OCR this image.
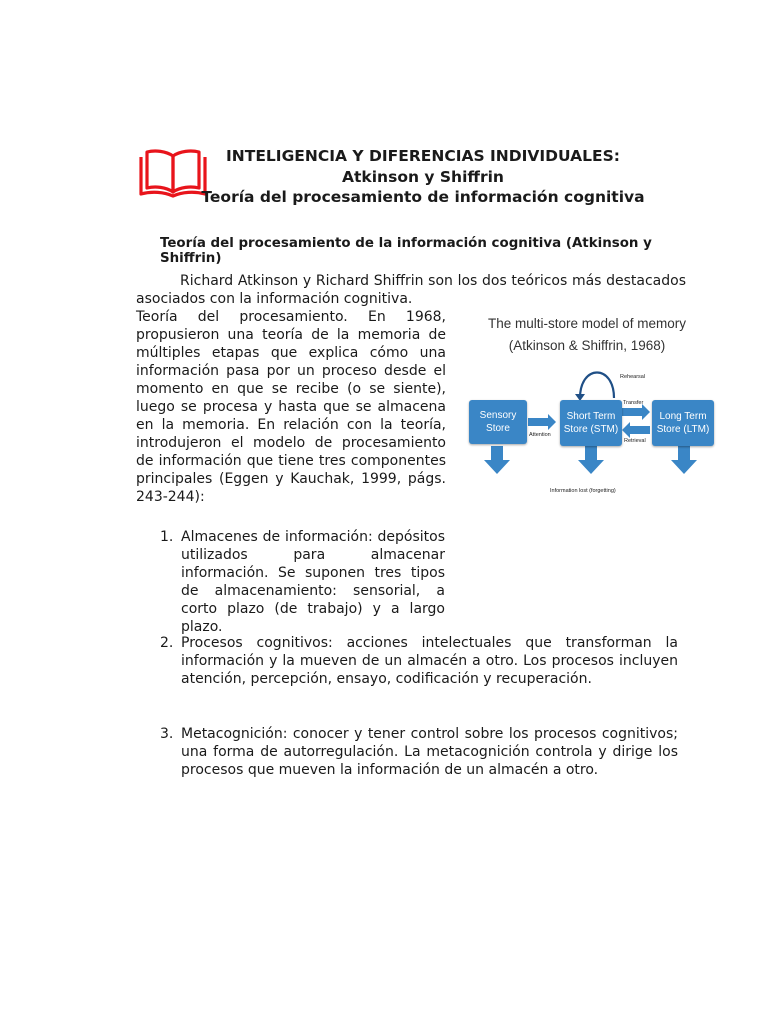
INTELIGENCIA Y DIFERENCIAS INDIVIDUALES:
Atkinson y Shiffrin
Teoría del procesamiento de información cognitiva
Teoría del procesamiento de la información cognitiva (Atkinson y Shiffrin)
Richard Atkinson y Richard Shiffrin son los dos teóricos más destacados asociados con la información cognitiva.
Teoría del procesamiento. En 1968, propusieron una teoría de la memoria de múltiples etapas que explica cómo una información pasa por un proceso desde el momento en que se recibe (o se siente), luego se procesa y hasta que se almacena en la memoria. En relación con la teoría, introdujeron el modelo de procesamiento de información que tiene tres componentes principales (Eggen y Kauchak, 1999, págs. 243-244):
The multi-store model of memory
(Atkinson & Shiffrin, 1968)
Sensory Store
Short Term Store (STM)
Long Term Store (LTM)
Attention
Rehearsal
Transfer
Retrieval
Information lost (forgetting)
1. Almacenes de información: depósitos utilizados para almacenar información. Se suponen tres tipos de almacenamiento: sensorial, a corto plazo (de trabajo) y a largo plazo.
2. Procesos cognitivos: acciones intelectuales que transforman la información y la mueven de un almacén a otro. Los procesos incluyen atención, percepción, ensayo, codificación y recuperación.
3. Metacognición: conocer y tener control sobre los procesos cognitivos; una forma de autorregulación. La metacognición controla y dirige los procesos que mueven la información de un almacén a otro.
